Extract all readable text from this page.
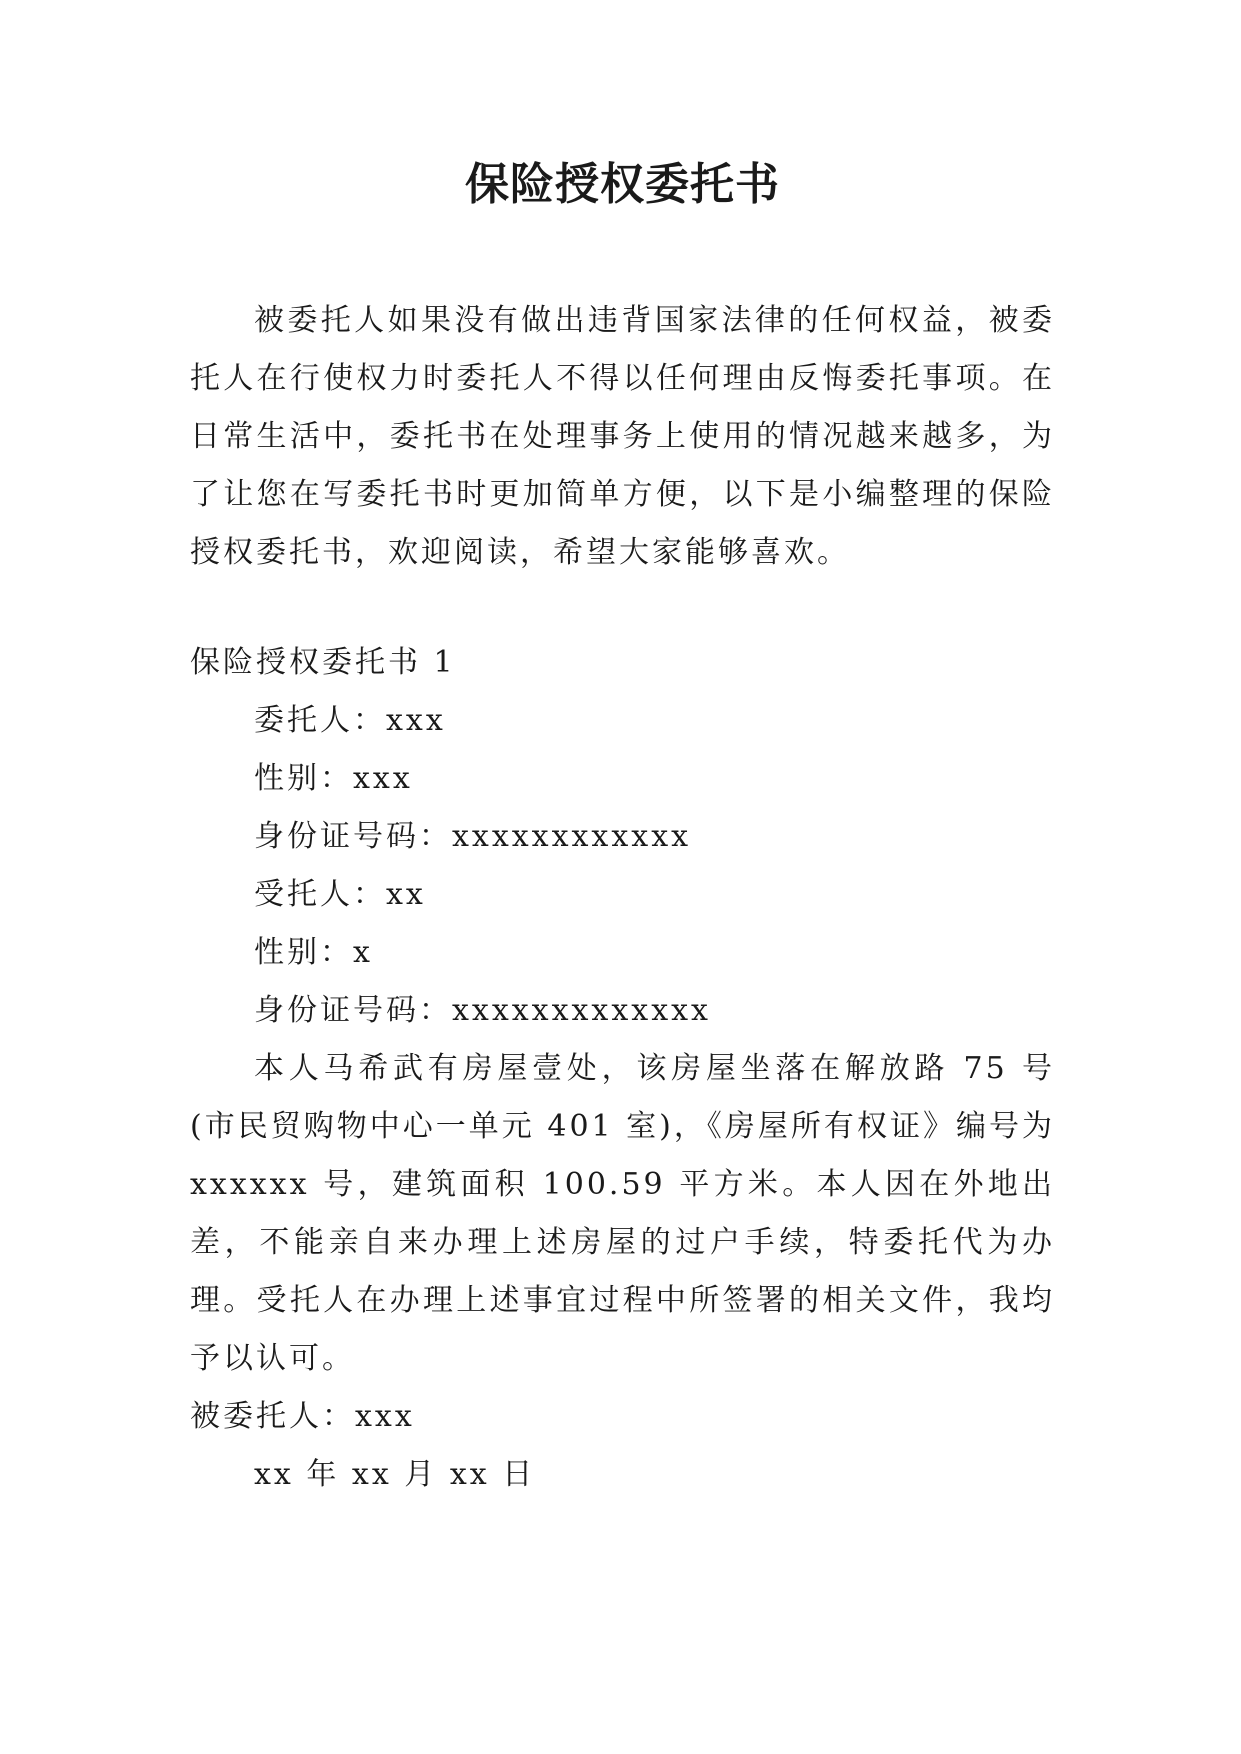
保险授权委托书

被委托人如果没有做出违背国家法律的任何权益，被委托人在行使权力时委托人不得以任何理由反悔委托事项。在日常生活中，委托书在处理事务上使用的情况越来越多，为了让您在写委托书时更加简单方便，以下是小编整理的保险授权委托书，欢迎阅读，希望大家能够喜欢。

保险授权委托书 1

委托人：xxx

性别：xxx

身份证号码：xxxxxxxxxxxx

受托人：xx

性别：x

身份证号码：xxxxxxxxxxxxx

本人马希武有房屋壹处，该房屋坐落在解放路 75 号(市民贸购物中心一单元 401 室)，《房屋所有权证》编号为xxxxxx 号，建筑面积 100.59 平方米。本人因在外地出差，不能亲自来办理上述房屋的过户手续，特委托代为办理。受托人在办理上述事宜过程中所签署的相关文件，我均予以认可。

被委托人：xxx

xx 年 xx 月 xx 日
